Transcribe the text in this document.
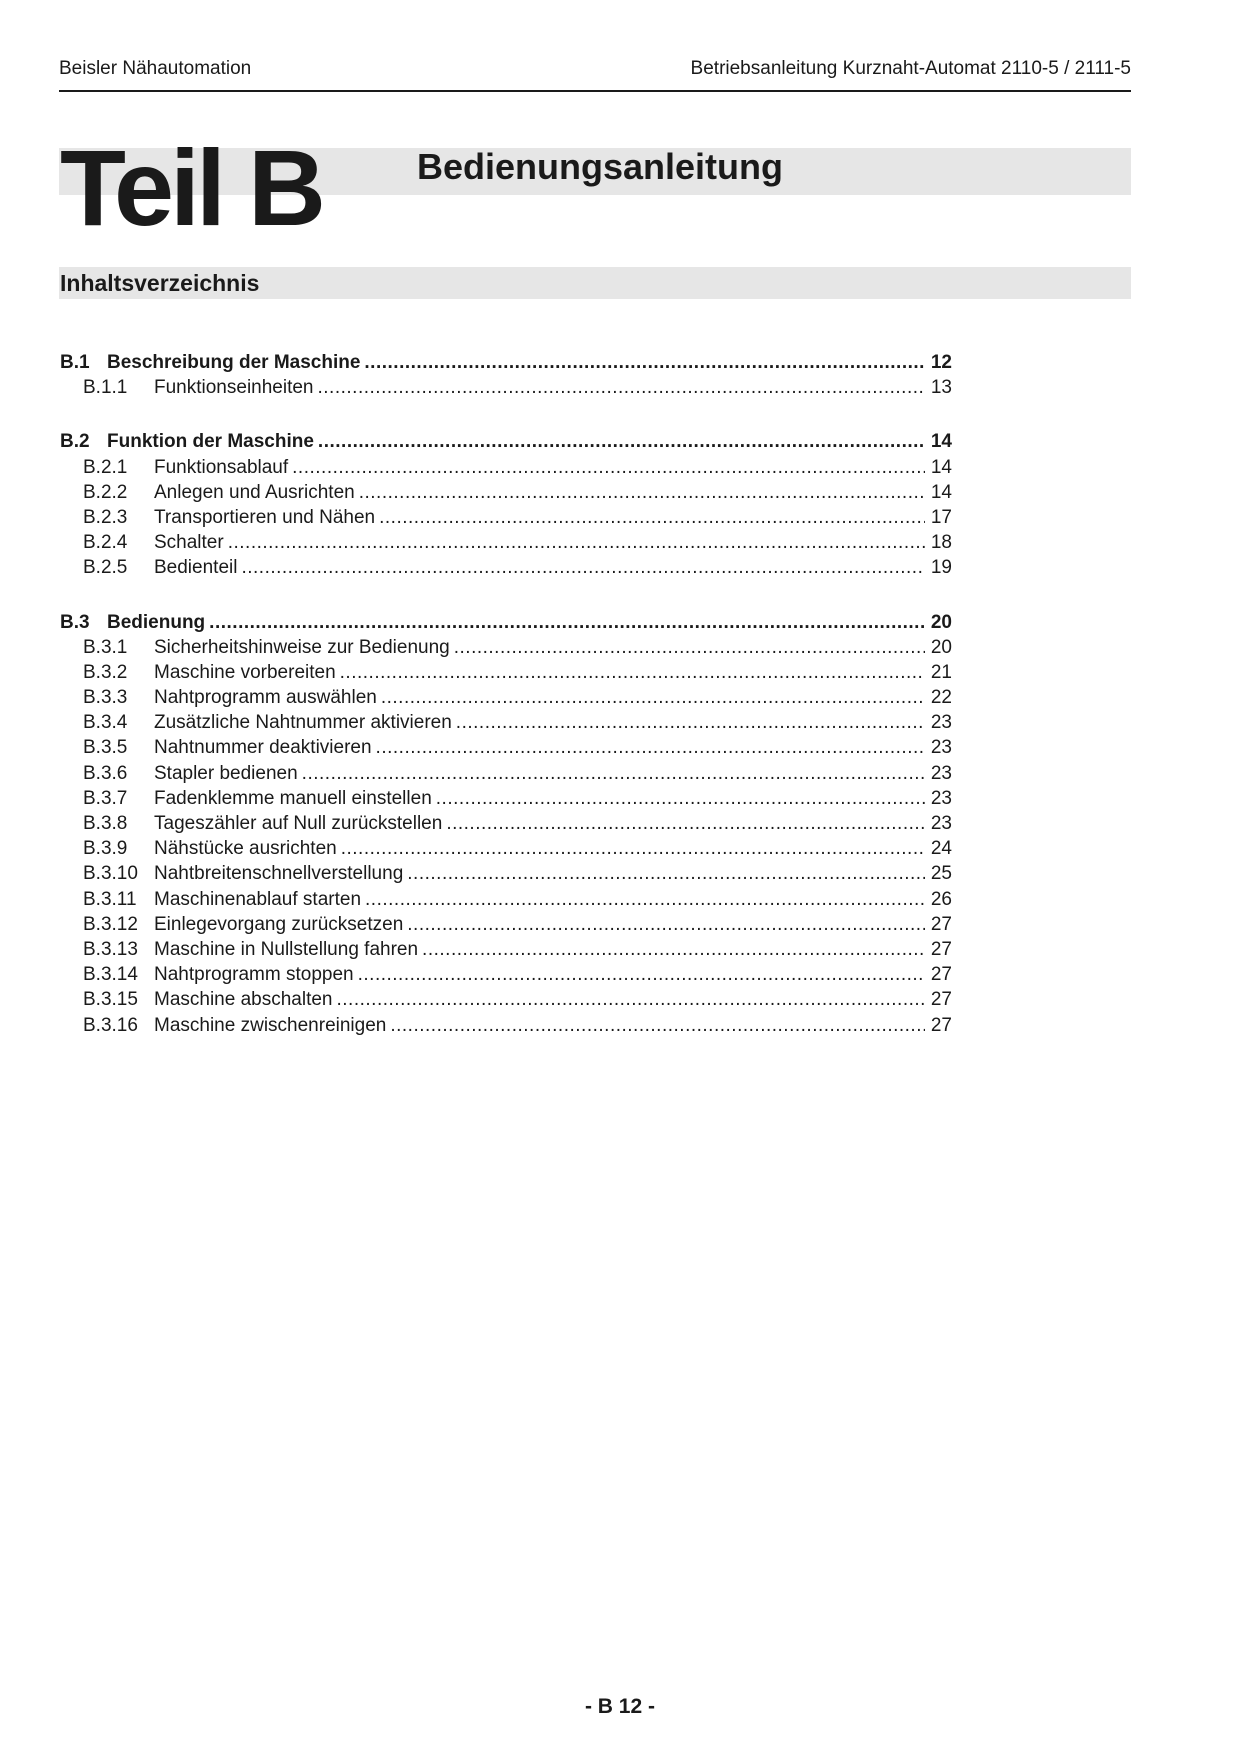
Beisler Nähautomation	Betriebsanleitung Kurznaht-Automat 2110-5 / 2111-5
Teil B	Bedienungsanleitung
Inhaltsverzeichnis
B.1 Beschreibung der Maschine .....	12
B.1.1	Funktionseinheiten .....	13
B.2 Funktion der Maschine .....	14
B.2.1	Funktionsablauf .....	14
B.2.2	Anlegen und Ausrichten .....	14
B.2.3	Transportieren und Nähen .....	17
B.2.4	Schalter .....	18
B.2.5	Bedienteil .....	19
B.3 Bedienung .....	20
B.3.1	Sicherheitshinweise zur Bedienung .....	20
B.3.2	Maschine vorbereiten .....	21
B.3.3	Nahtprogramm auswählen .....	22
B.3.4	Zusätzliche Nahtnummer aktivieren .....	23
B.3.5	Nahtnummer deaktivieren .....	23
B.3.6	Stapler bedienen .....	23
B.3.7	Fadenklemme manuell einstellen .....	23
B.3.8	Tageszähler auf Null zurückstellen .....	23
B.3.9	Nähstücke ausrichten .....	24
B.3.10 Nahtbreitenschnellverstellung .....	25
B.3.11 Maschinenablauf starten .....	26
B.3.12 Einlegevorgang zurücksetzen .....	27
B.3.13 Maschine in Nullstellung fahren .....	27
B.3.14 Nahtprogramm stoppen .....	27
B.3.15 Maschine abschalten .....	27
B.3.16 Maschine zwischenreinigen .....	27
- B 12 -
